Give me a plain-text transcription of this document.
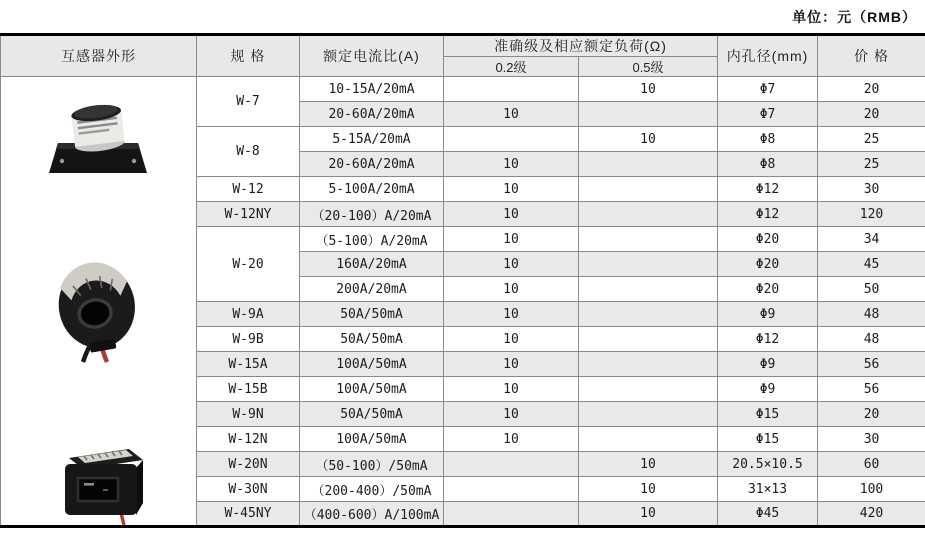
单位：元（RMB）
互感器外形	规 格	额定电流比(A)	准确级及相应额定负荷(Ω)		内孔径(mm)	价 格
			0.2级	0.5级		

	W-7	10-15A/20mA		10	Φ7	20
		20-60A/20mA	10		Φ7	20
	W-8	5-15A/20mA		10	Φ8	25
		20-60A/20mA	10		Φ8	25
	W-12	5-100A/20mA	10		Φ12	30
	W-12NY	（20-100）A/20mA	10		Φ12	120
	W-20	（5-100）A/20mA	10		Φ20	34
		160A/20mA	10		Φ20	45
		200A/20mA	10		Φ20	50
	W-9A	50A/50mA	10		Φ9	48
	W-9B	50A/50mA	10		Φ12	48
	W-15A	100A/50mA	10		Φ9	56
	W-15B	100A/50mA	10		Φ9	56
	W-9N	50A/50mA	10		Φ15	20
	W-12N	100A/50mA	10		Φ15	30
	W-20N	（50-100）/50mA		10	20.5×10.5	60
	W-30N	（200-400）/50mA		10	31×13	100
	W-45NY	（400-600）A/100mA		10	Φ45	420
